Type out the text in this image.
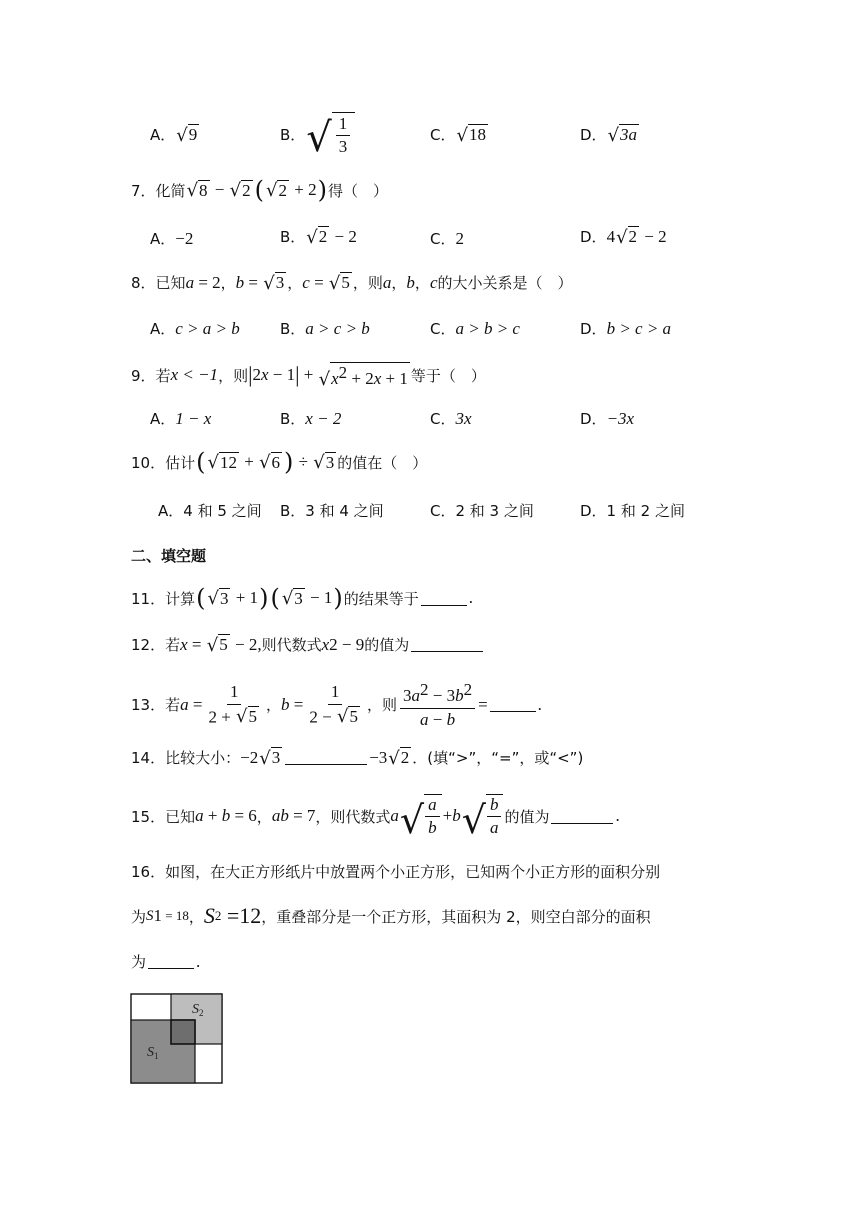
A． √ 9	B． √ $\frac{1}{3}$	C． √ 18	D． √ 3a
7． 化简 √ 8 − √ 2 ( √ 2 + 2 ) 得（　）
A． −2	B． √ 2 − 2	C． 2	D． 4 √ 2 − 2
8． 已知 a = 2 ， b = √ 3 ， c = √ 5 ，则 a ， b ， c 的大小关系是（　）
A． c > a > b	B． a > c > b	C． a > b > c	D． b > c > a
9． 若 x < −1 ，则 | 2 x − 1 | + √ $x^2 + 2x + 1$ 等于（　）
A． 1 − x	B． x − 2	C． 3x	D． −3x
10． 估计 ( √ 12 + √ 6 ) ÷ √ 3 的值在（　）
A．4 和 5 之间 B．3 和 4 之间	C．2 和 3 之间	D．1 和 2 之间
二、填空题
11． 计算 ( √ 3 + 1 ) ( √ 3 − 1 ) 的结果等于	.
12． 若 x = √ 5 − 2, 则代数式 x 2 − 9 的值为
13． 若 $a = \frac{1}{2 + √ 5}$ ， $b = \frac{1}{2 - √ 5}$ ，则 $\frac{3a^2 - 3b^2}{a - b}$ =	.
14． 比较大小： −2 √ 3	−3 √ 2 ．(填“>”，“=”，或“<”)
15． 已知 a + b = 6 ， ab = 7 ，则代数式 a √ $\frac{a}{b} + b$ √ $\frac{b}{a}$ 的值为	.
16． 如图，在大正方形纸片中放置两个小正方形，已知两个小正方形的面积分别
为 S 1 = 18 ， S 2 =12 ，重叠部分是一个正方形，其面积为 2，则空白部分的面积
为	.
$S_2$
$S_1$
